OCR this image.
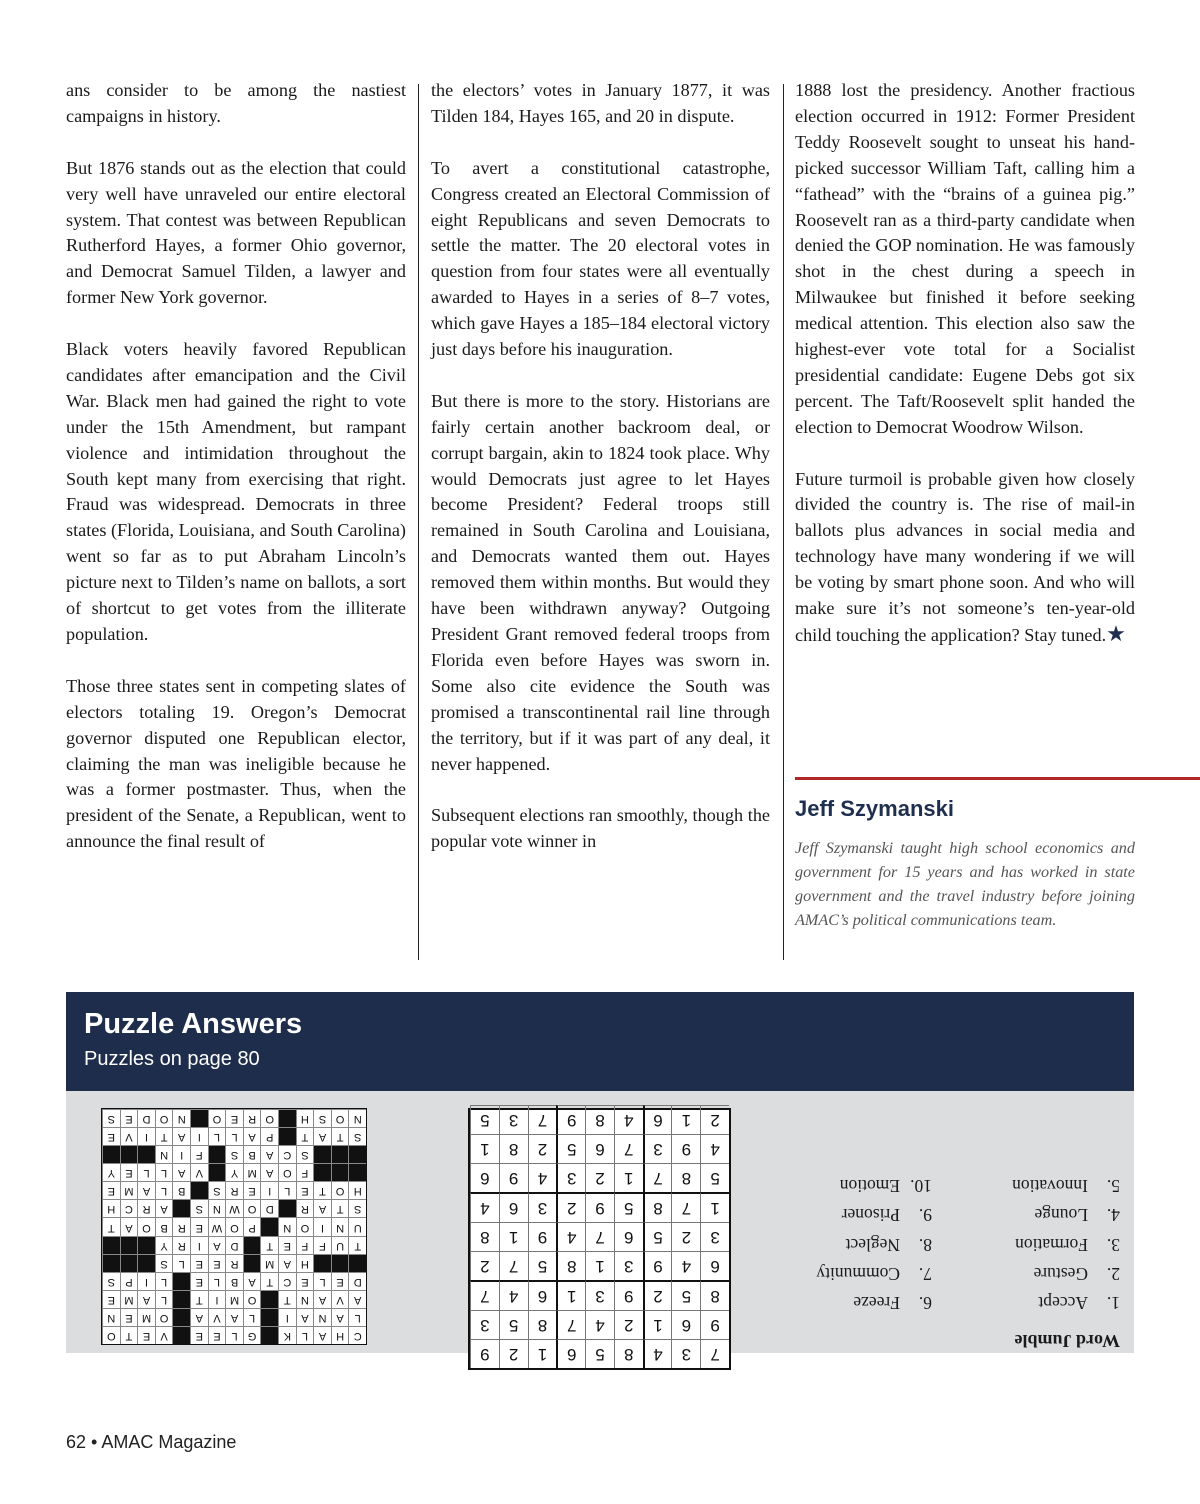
ans consider to be among the nastiest campaigns in history.

But 1876 stands out as the election that could very well have unraveled our entire electoral system. That contest was between Republican Rutherford Hayes, a former Ohio governor, and Democrat Samuel Tilden, a lawyer and former New York governor.

Black voters heavily favored Republican candidates after emancipation and the Civil War. Black men had gained the right to vote under the 15th Amendment, but rampant violence and intimidation throughout the South kept many from exercising that right. Fraud was widespread. Democrats in three states (Florida, Louisiana, and South Carolina) went so far as to put Abraham Lincoln’s picture next to Tilden’s name on ballots, a sort of shortcut to get votes from the illiterate population.

Those three states sent in competing slates of electors totaling 19. Oregon’s Democrat governor disputed one Republican elector, claiming the man was ineligible because he was a former postmaster. Thus, when the president of the Senate, a Republican, went to announce the final result of

the electors’ votes in January 1877, it was Tilden 184, Hayes 165, and 20 in dispute.

To avert a constitutional catastrophe, Congress created an Electoral Commission of eight Republicans and seven Democrats to settle the matter. The 20 electoral votes in question from four states were all eventually awarded to Hayes in a series of 8–7 votes, which gave Hayes a 185–184 electoral victory just days before his inauguration.

But there is more to the story. Historians are fairly certain another backroom deal, or corrupt bargain, akin to 1824 took place. Why would Democrats just agree to let Hayes become President? Federal troops still remained in South Carolina and Louisiana, and Democrats wanted them out. Hayes removed them within months. But would they have been withdrawn anyway? Outgoing President Grant removed federal troops from Florida even before Hayes was sworn in. Some also cite evidence the South was promised a transcontinental rail line through the territory, but if it was part of any deal, it never happened.

Subsequent elections ran smoothly, though the popular vote winner in

1888 lost the presidency. Another fractious election occurred in 1912: Former President Teddy Roosevelt sought to unseat his hand-picked successor William Taft, calling him a “fathead” with the “brains of a guinea pig.” Roosevelt ran as a third-party candidate when denied the GOP nomination. He was famously shot in the chest during a speech in Milwaukee but finished it before seeking medical attention. This election also saw the highest-ever vote total for a Socialist presidential candidate: Eugene Debs got six percent. The Taft/Roosevelt split handed the election to Democrat Woodrow Wilson.

Future turmoil is probable given how closely divided the country is. The rise of mail-in ballots plus advances in social media and technology have many wondering if we will be voting by smart phone soon. And who will make sure it’s not someone’s ten-year-old child touching the application? Stay tuned.★

Jeff Szymanski
Jeff Szymanski taught high school economics and government for 15 years and has worked in state government and the travel industry before joining AMAC’s political communications team.
Puzzle Answers
Puzzles on page 80
C
H
A
L
K
G
L
E
E
V
E
T
O
L
A
N
A
I
L
A
V
A
O
M
E
N
A
V
A
N
T
O
M
I
T
L
A
M
E
D
E
L
E
C
T
A
B
L
E
L
I
P
S
H
A
M
R
E
E
L
S
T
U
F
F
E
T
D
A
I
R
Y
U
N
I
O
N
P
O
W
E
R
B
O
A
T
S
T
A
R
D
O
W
N
S
A
R
C
H
H
O
T
E
L
I
E
R
S
B
L
A
M
E
F
O
A
M
Y
V
A
L
L
E
Y
S
C
A
B
S
F
I
N
S
T
A
T
P
A
L
L
I
A
T
I
V
E
N
O
S
H
O
R
E
O
N
O
D
E
S
7
3
4
8
5
6
1
2
9
9
6
1
2
4
7
8
5
3
8
5
2
9
3
1
6
4
7
6
4
9
3
1
8
5
7
2
3
2
5
6
7
4
9
1
8
1
7
8
5
9
2
3
6
4
5
8
7
1
2
3
4
9
6
4
9
3
7
6
5
2
8
1
2
1
6
4
8
9
7
3
5
Word Jumble
1.Accept
2.Gesture
3.Formation
4.Lounge
5.Innovation
6.Freeze
7.Community
8.Neglect
9.Prisoner
10.Emotion
62 • AMAC Magazine
